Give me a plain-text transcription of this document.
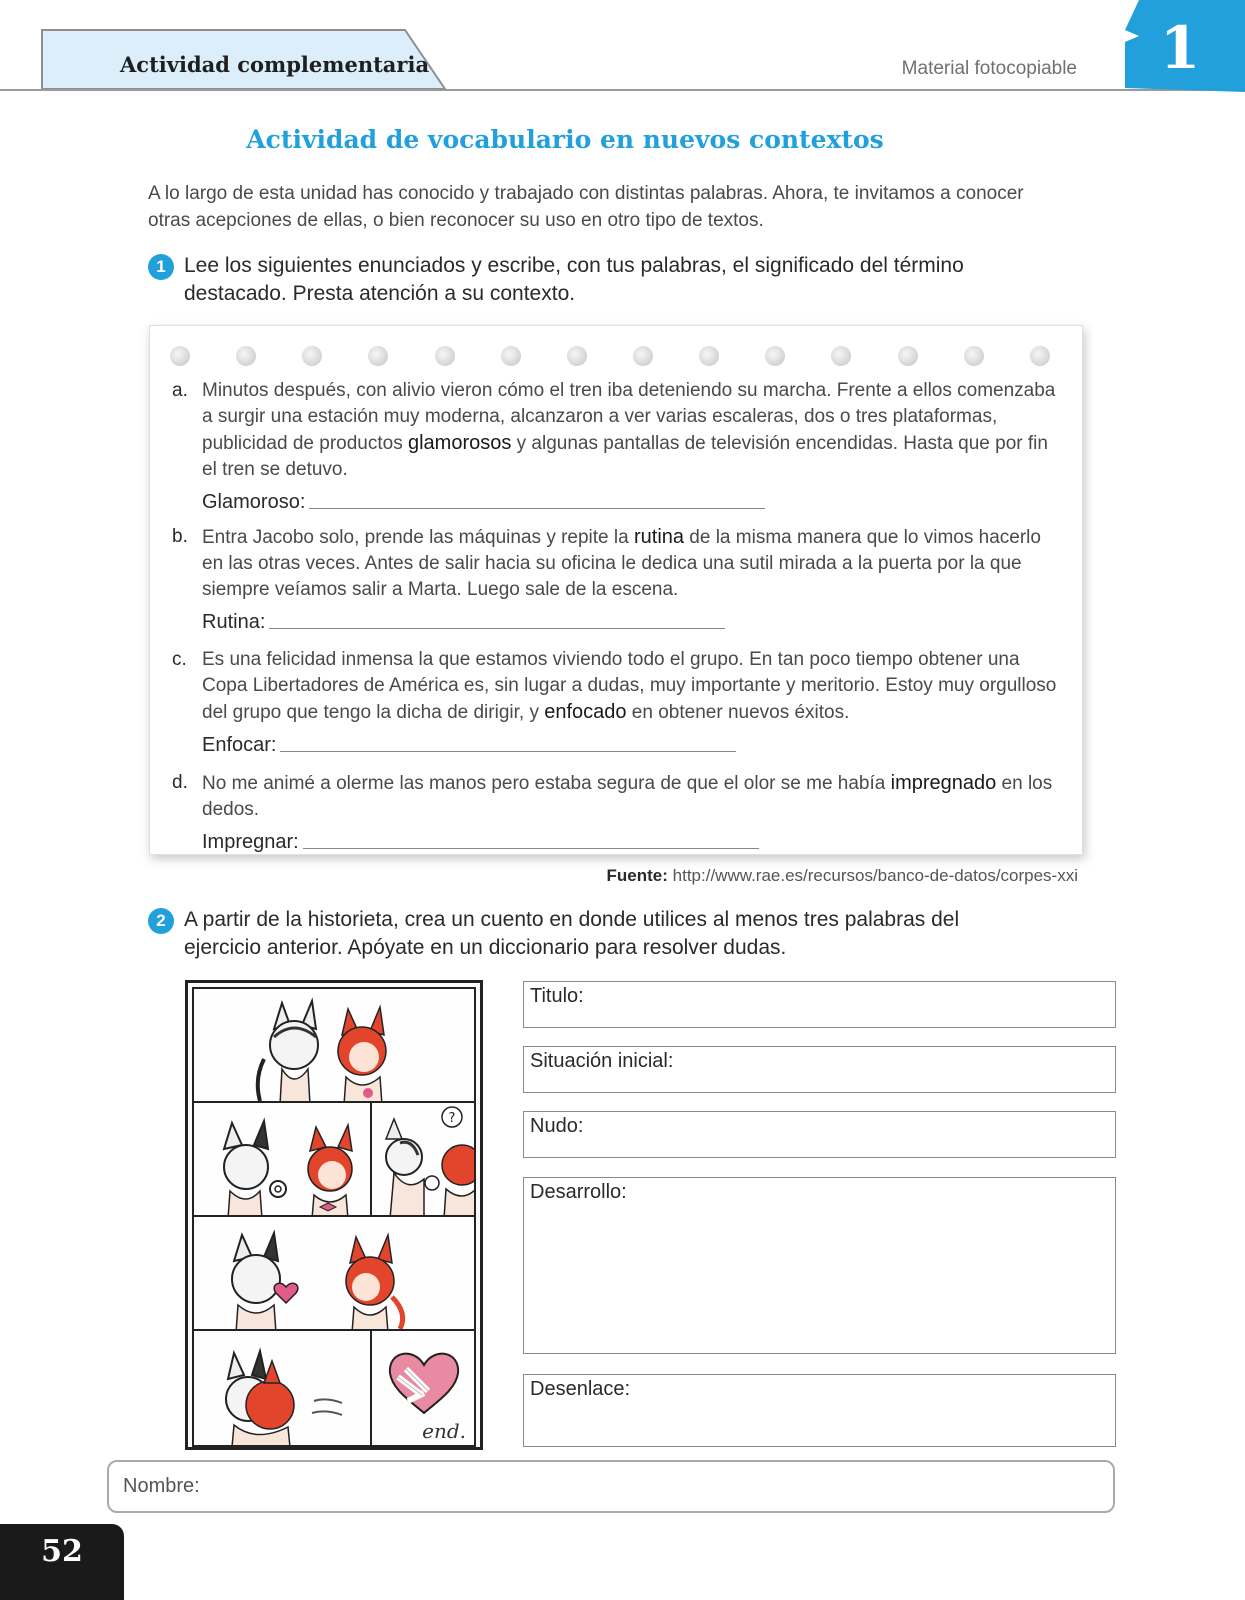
Actividad complementaria	Material fotocopiable 1
Actividad de vocabulario en nuevos contextos
A lo largo de esta unidad has conocido y trabajado con distintas palabras. Ahora, te invitamos a conocer otras acepciones de ellas, o bien reconocer su uso en otro tipo de textos.
1 Lee los siguientes enunciados y escribe, con tus palabras, el significado del término destacado. Presta atención a su contexto.
a. Minutos después, con alivio vieron cómo el tren iba deteniendo su marcha. Frente a ellos comenzaba a surgir una estación muy moderna, alcanzaron a ver varias escaleras, dos o tres plataformas, publicidad de productos glamorosos y algunas pantallas de televisión encendidas. Hasta que por fin el tren se detuvo.
Glamoroso:
b. Entra Jacobo solo, prende las máquinas y repite la rutina de la misma manera que lo vimos hacerlo en las otras veces. Antes de salir hacia su oficina le dedica una sutil mirada a la puerta por la que siempre veíamos salir a Marta. Luego sale de la escena.
Rutina:
c. Es una felicidad inmensa la que estamos viviendo todo el grupo. En tan poco tiempo obtener una Copa Libertadores de América es, sin lugar a dudas, muy importante y meritorio. Estoy muy orgulloso del grupo que tengo la dicha de dirigir, y enfocado en obtener nuevos éxitos.
Enfocar:
d. No me animé a olerme las manos pero estaba segura de que el olor se me había impregnado en los dedos.
Impregnar:
Fuente: http://www.rae.es/recursos/banco-de-datos/corpes-xxi
2 A partir de la historieta, crea un cuento en donde utilices al menos tres palabras del ejercicio anterior. Apóyate en un diccionario para resolver dudas.
?
end.
Titulo:
Situación inicial:
Nudo:
Desarrollo:
Desenlace:
Nombre:
52
